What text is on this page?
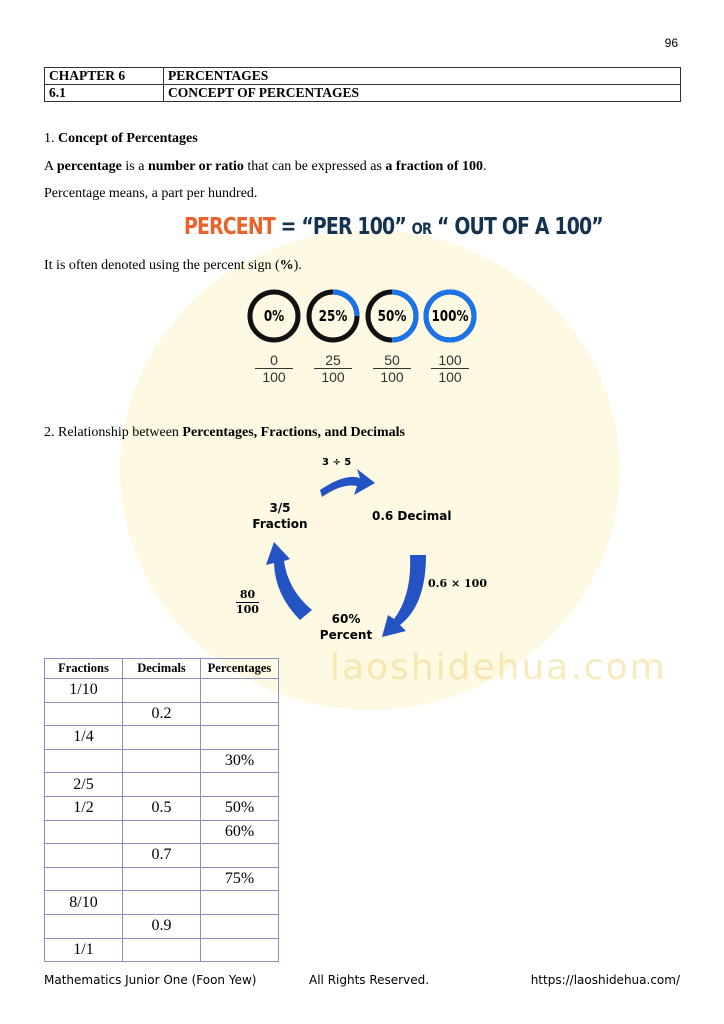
laoshidehua.com
96
CHAPTER 6	PERCENTAGES
6.1	CONCEPT OF PERCENTAGES

1. Concept of Percentages

A percentage is a number or ratio that can be expressed as a fraction of 100.

Percentage means, a part per hundred.

PERCENT = “PER 100” OR “ OUT OF A 100”

It is often denoted using the percent sign (%).

0%
$\frac{0}{100}$
25%
$\frac{25}{100}$
50%
$\frac{50}{100}$
100%
$\frac{100}{100}$

2. Relationship between Percentages, Fractions, and Decimals

3 ÷ 5
3/5
Fraction
0.6 Decimal
0.6 × 100
60%
Percent
80
100
Fractions	Decimals	Percentages
1/10		
	0.2	
1/4		
		30%
2/5		
1/2	0.5	50%
		60%
	0.7	
		75%
8/10		
	0.9	
1/1		
Mathematics Junior One (Foon Yew)	All Rights Reserved.	https://laoshidehua.com/
